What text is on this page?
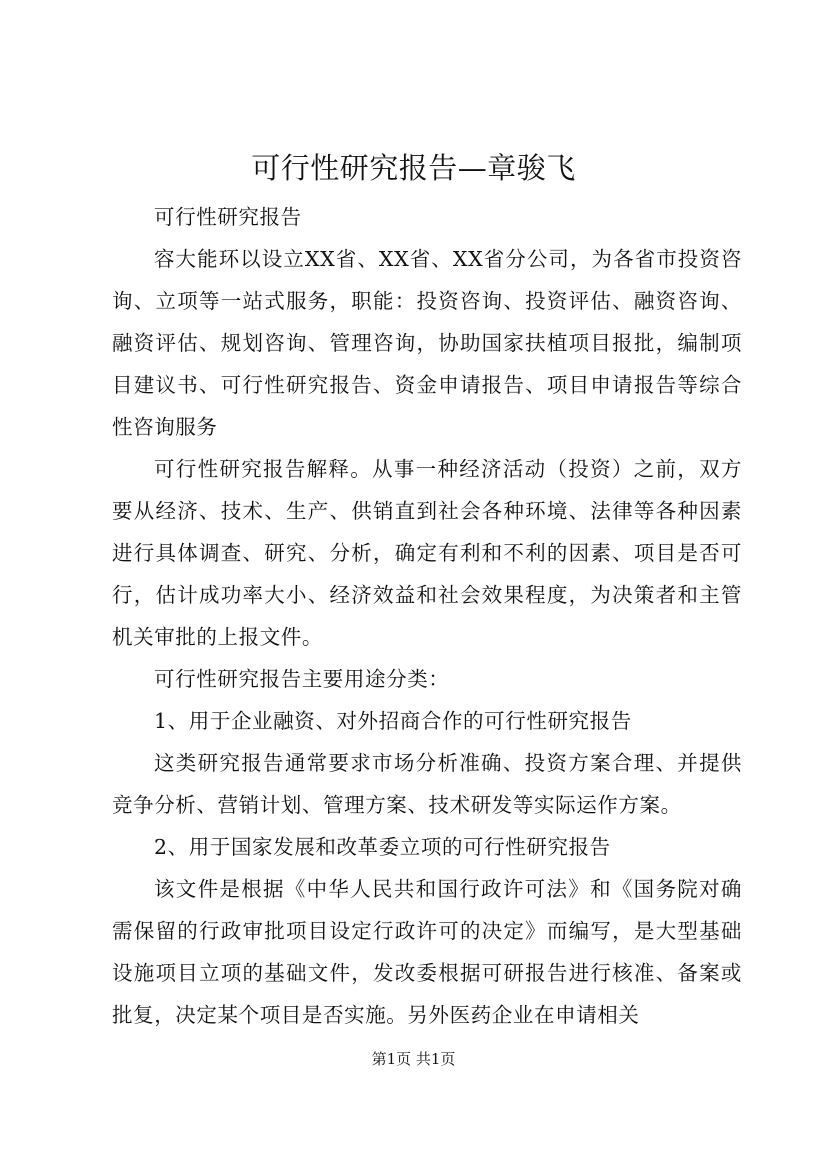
可行性研究报告—章骏飞

可行性研究报告

容大能环以设立XX省、XX省、XX省分公司，为各省市投资咨询、立项等一站式服务，职能：投资咨询、投资评估、融资咨询、融资评估、规划咨询、管理咨询，协助国家扶植项目报批，编制项目建议书、可行性研究报告、资金申请报告、项目申请报告等综合性咨询服务

可行性研究报告解释。从事一种经济活动（投资）之前，双方要从经济、技术、生产、供销直到社会各种环境、法律等各种因素进行具体调查、研究、分析，确定有利和不利的因素、项目是否可行，估计成功率大小、经济效益和社会效果程度，为决策者和主管机关审批的上报文件。

可行性研究报告主要用途分类：

1、用于企业融资、对外招商合作的可行性研究报告

这类研究报告通常要求市场分析准确、投资方案合理、并提供竞争分析、营销计划、管理方案、技术研发等实际运作方案。

2、用于国家发展和改革委立项的可行性研究报告

该文件是根据《中华人民共和国行政许可法》和《国务院对确需保留的行政审批项目设定行政许可的决定》而编写，是大型基础设施项目立项的基础文件，发改委根据可研报告进行核准、备案或批复，决定某个项目是否实施。另外医药企业在申请相关

第1页 共1页
